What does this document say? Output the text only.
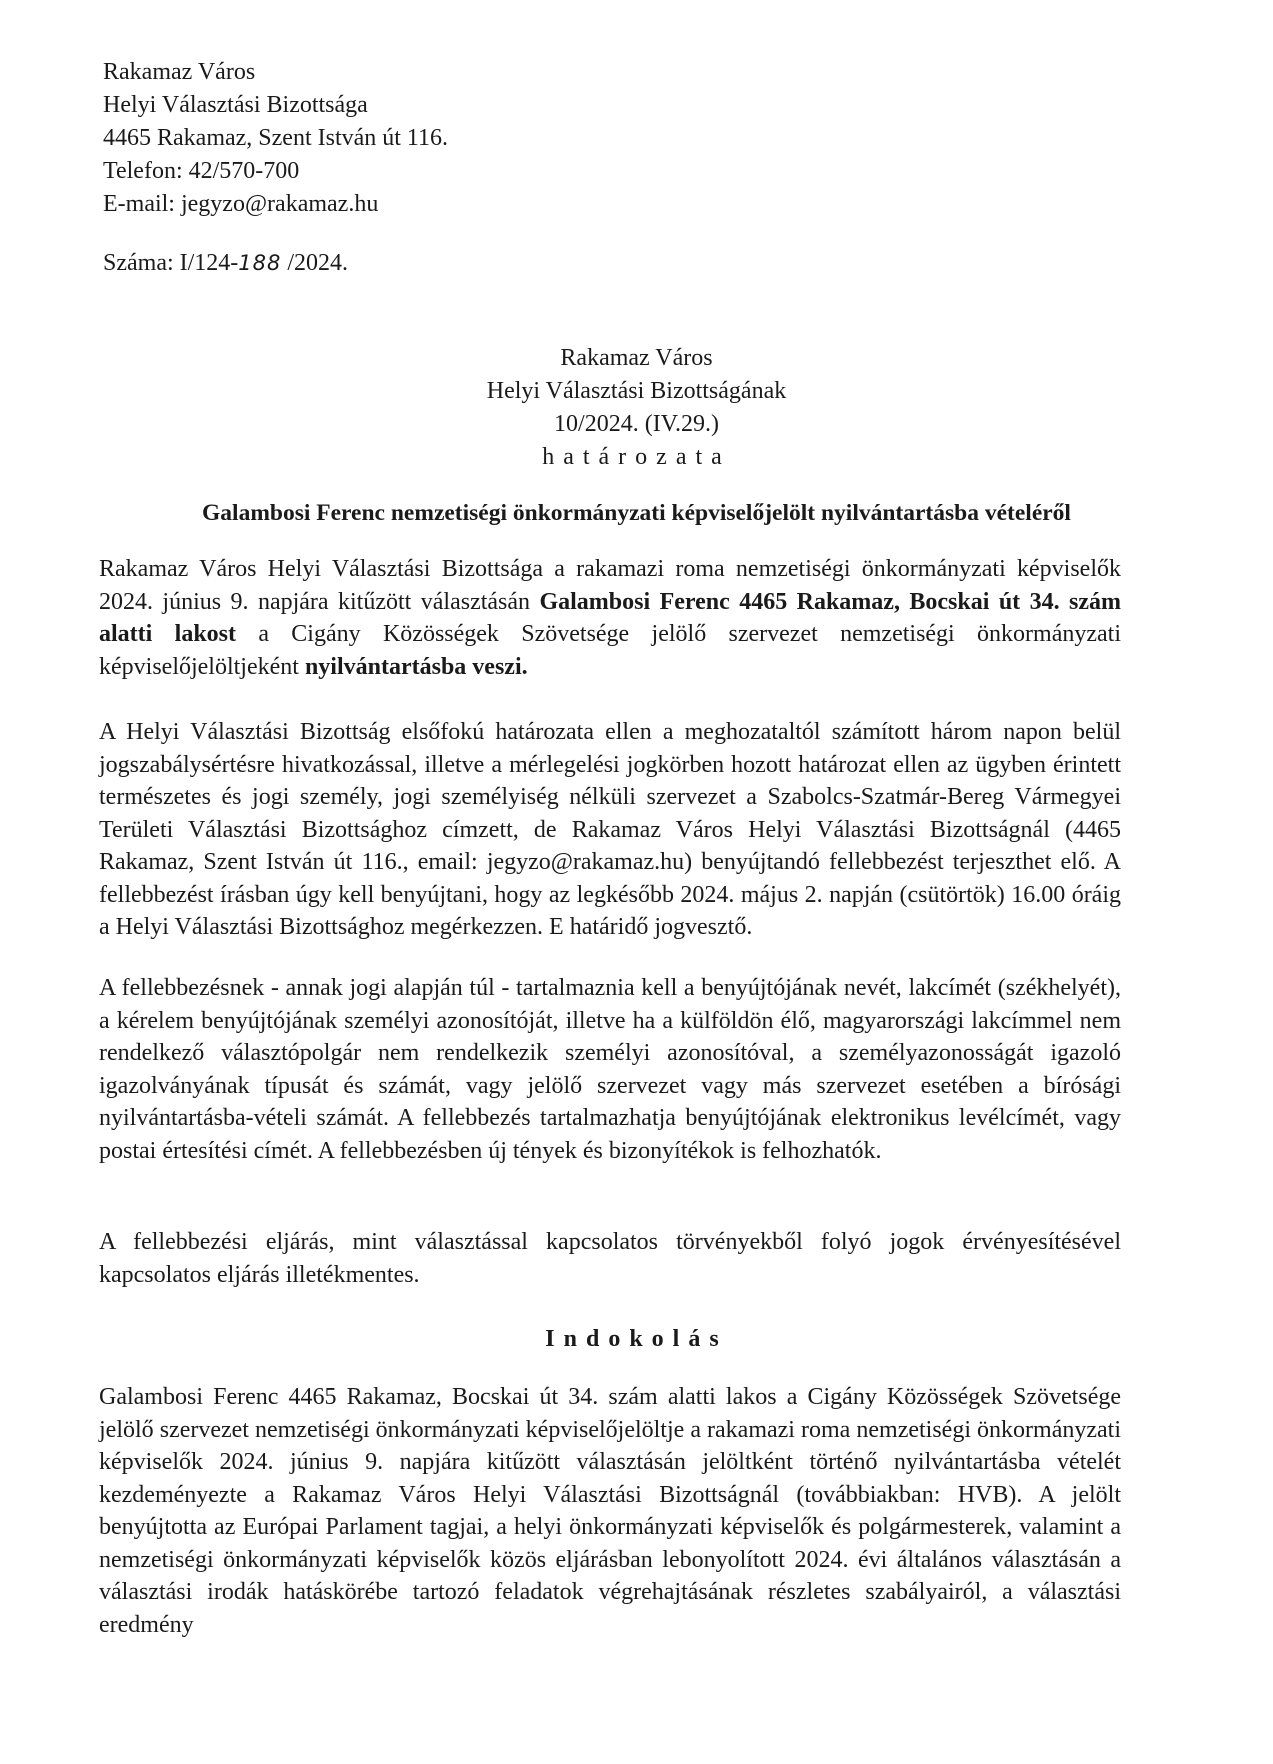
Rakamaz Város
Helyi Választási Bizottsága
4465 Rakamaz, Szent István út 116.
Telefon: 42/570-700
E-mail: jegyzo@rakamaz.hu
Száma: I/124-188 /2024.
Rakamaz Város
Helyi Választási Bizottságának
10/2024. (IV.29.)
határozata
Galambosi Ferenc nemzetiségi önkormányzati képviselőjelölt nyilvántartásba vételéről
Rakamaz Város Helyi Választási Bizottsága a rakamazi roma nemzetiségi önkormányzati képviselők 2024. június 9. napjára kitűzött választásán Galambosi Ferenc 4465 Rakamaz, Bocskai út 34. szám alatti lakost a Cigány Közösségek Szövetsége jelölő szervezet nemzetiségi önkormányzati képviselőjelöltjeként nyilvántartásba veszi.
A Helyi Választási Bizottság elsőfokú határozata ellen a meghozataltól számított három napon belül jogszabálysértésre hivatkozással, illetve a mérlegelési jogkörben hozott határozat ellen az ügyben érintett természetes és jogi személy, jogi személyiség nélküli szervezet a Szabolcs-Szatmár-Bereg Vármegyei Területi Választási Bizottsághoz címzett, de Rakamaz Város Helyi Választási Bizottságnál (4465 Rakamaz, Szent István út 116., email: jegyzo@rakamaz.hu) benyújtandó fellebbezést terjeszthet elő. A fellebbezést írásban úgy kell benyújtani, hogy az legkésőbb 2024. május 2. napján (csütörtök) 16.00 óráig a Helyi Választási Bizottsághoz megérkezzen. E határidő jogvesztő.
A fellebbezésnek - annak jogi alapján túl - tartalmaznia kell a benyújtójának nevét, lakcímét (székhelyét), a kérelem benyújtójának személyi azonosítóját, illetve ha a külföldön élő, magyarországi lakcímmel nem rendelkező választópolgár nem rendelkezik személyi azonosítóval, a személyazonosságát igazoló igazolványának típusát és számát, vagy jelölő szervezet vagy más szervezet esetében a bírósági nyilvántartásba-vételi számát. A fellebbezés tartalmazhatja benyújtójának elektronikus levélcímét, vagy postai értesítési címét. A fellebbezésben új tények és bizonyítékok is felhozhatók.
A fellebbezési eljárás, mint választással kapcsolatos törvényekből folyó jogok érvényesítésével kapcsolatos eljárás illetékmentes.
Indokolás
Galambosi Ferenc 4465 Rakamaz, Bocskai út 34. szám alatti lakos a Cigány Közösségek Szövetsége jelölő szervezet nemzetiségi önkormányzati képviselőjelöltje a rakamazi roma nemzetiségi önkormányzati képviselők 2024. június 9. napjára kitűzött választásán jelöltként történő nyilvántartásba vételét kezdeményezte a Rakamaz Város Helyi Választási Bizottságnál (továbbiakban: HVB). A jelölt benyújtotta az Európai Parlament tagjai, a helyi önkormányzati képviselők és polgármesterek, valamint a nemzetiségi önkormányzati képviselők közös eljárásban lebonyolított 2024. évi általános választásán a választási irodák hatáskörébe tartozó feladatok végrehajtásának részletes szabályairól, a választási eredmény
